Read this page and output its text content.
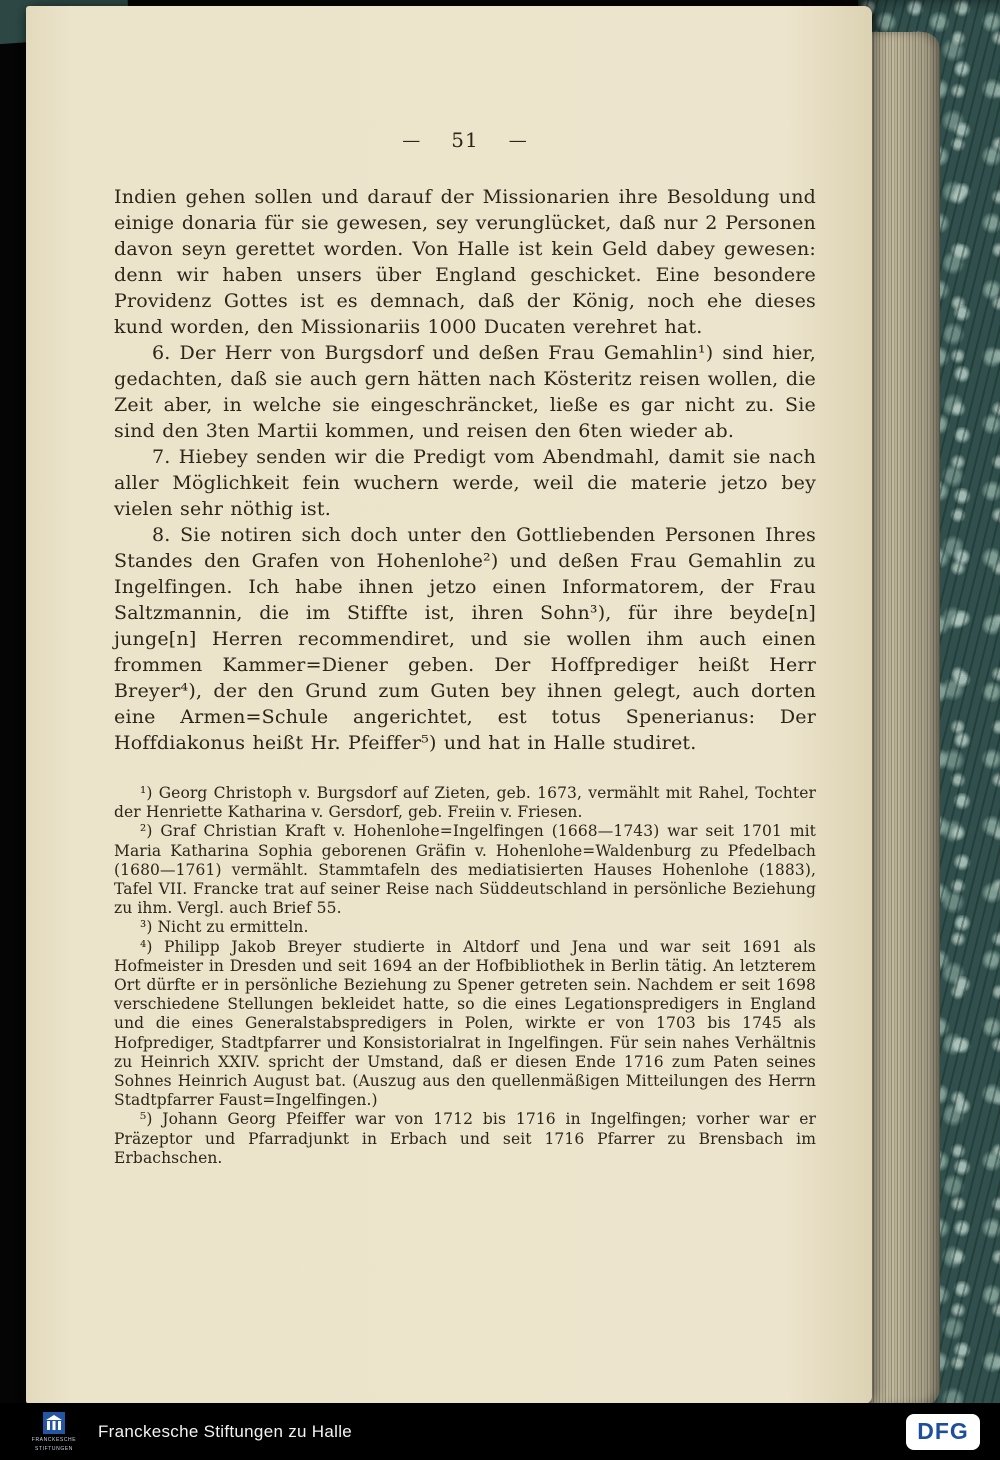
— 51 —

Indien gehen sollen und darauf der Missionarien ihre Besoldung und einige donaria für sie gewesen, sey verunglücket, daß nur 2 Personen davon seyn gerettet worden. Von Halle ist kein Geld dabey gewesen: denn wir haben unsers über England geschicket. Eine besondere Providenz Gottes ist es demnach, daß der König, noch ehe dieses kund worden, den Missionariis 1000 Ducaten verehret hat.

6. Der Herr von Burgsdorf und deßen Frau Gemahlin¹) sind hier, gedachten, daß sie auch gern hätten nach Kösteritz reisen wollen, die Zeit aber, in welche sie eingeschräncket, ließe es gar nicht zu. Sie sind den 3ten Martii kommen, und reisen den 6ten wieder ab.

7. Hiebey senden wir die Predigt vom Abendmahl, damit sie nach aller Möglichkeit fein wuchern werde, weil die materie jetzo bey vielen sehr nöthig ist.

8. Sie notiren sich doch unter den Gottliebenden Personen Ihres Standes den Grafen von Hohenlohe²) und deßen Frau Gemahlin zu Ingelfingen. Ich habe ihnen jetzo einen Informatorem, der Frau Saltzmannin, die im Stiffte ist, ihren Sohn³), für ihre beyde[n] junge[n] Herren recommendiret, und sie wollen ihm auch einen frommen Kammer=Diener geben. Der Hoffprediger heißt Herr Breyer⁴), der den Grund zum Guten bey ihnen gelegt, auch dorten eine Armen=Schule angerichtet, est totus Spenerianus: Der Hoffdiakonus heißt Hr. Pfeiffer⁵) und hat in Halle studiret.

¹) Georg Christoph v. Burgsdorf auf Zieten, geb. 1673, vermählt mit Rahel, Tochter der Henriette Katharina v. Gersdorf, geb. Freiin v. Friesen.

²) Graf Christian Kraft v. Hohenlohe=Ingelfingen (1668—1743) war seit 1701 mit Maria Katharina Sophia geborenen Gräfin v. Hohenlohe=Waldenburg zu Pfedelbach (1680—1761) vermählt. Stammtafeln des mediatisierten Hauses Hohenlohe (1883), Tafel VII. Francke trat auf seiner Reise nach Süddeutschland in persönliche Beziehung zu ihm. Vergl. auch Brief 55.

³) Nicht zu ermitteln.

⁴) Philipp Jakob Breyer studierte in Altdorf und Jena und war seit 1691 als Hofmeister in Dresden und seit 1694 an der Hofbibliothek in Berlin tätig. An letzterem Ort dürfte er in persönliche Beziehung zu Spener getreten sein. Nachdem er seit 1698 verschiedene Stellungen bekleidet hatte, so die eines Legationspredigers in England und die eines Generalstabspredigers in Polen, wirkte er von 1703 bis 1745 als Hofprediger, Stadtpfarrer und Konsistorialrat in Ingelfingen. Für sein nahes Verhältnis zu Heinrich XXIV. spricht der Umstand, daß er diesen Ende 1716 zum Paten seines Sohnes Heinrich August bat. (Auszug aus den quellenmäßigen Mitteilungen des Herrn Stadtpfarrer Faust=Ingelfingen.)

⁵) Johann Georg Pfeiffer war von 1712 bis 1716 in Ingelfingen; vorher war er Präzeptor und Pfarradjunkt in Erbach und seit 1716 Pfarrer zu Brensbach im Erbachschen.

FRANCKESCHE
STIFTUNGEN
Franckesche Stiftungen zu Halle	DFG
